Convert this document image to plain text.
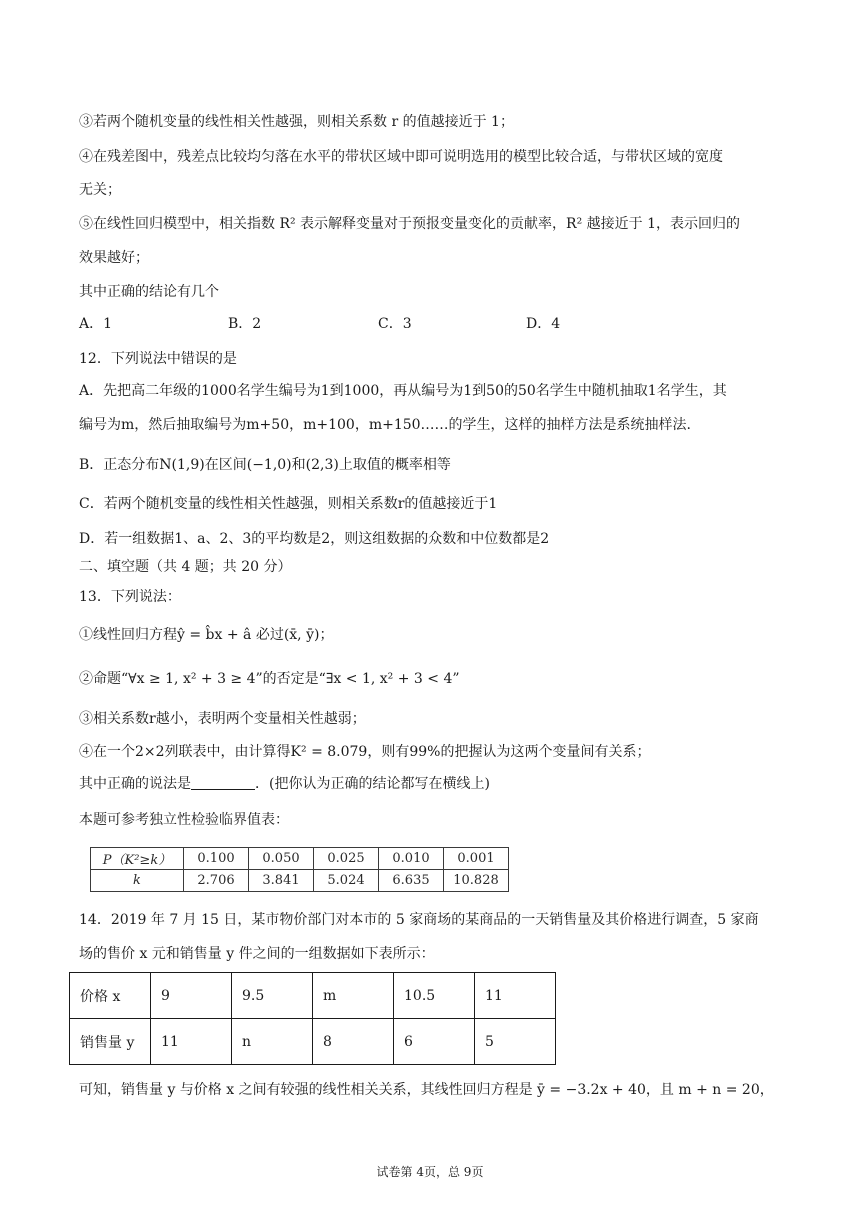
③若两个随机变量的线性相关性越强，则相关系数 r 的值越接近于 1；
④在残差图中，残差点比较均匀落在水平的带状区域中即可说明选用的模型比较合适，与带状区域的宽度
无关；
⑤在线性回归模型中，相关指数 R² 表示解释变量对于预报变量变化的贡献率，R² 越接近于 1，表示回归的
效果越好；
其中正确的结论有几个
A．1	B．2	C．3	D．4
12．下列说法中错误的是
A．先把高二年级的1000名学生编号为1到1000，再从编号为1到50的50名学生中随机抽取1名学生，其
编号为m，然后抽取编号为m+50，m+100，m+150……的学生，这样的抽样方法是系统抽样法.
B．正态分布N(1,9)在区间(−1,0)和(2,3)上取值的概率相等
C．若两个随机变量的线性相关性越强，则相关系数r的值越接近于1
D．若一组数据1、a、2、3的平均数是2，则这组数据的众数和中位数都是2
二、填空题（共 4 题；共 20 分）
13．下列说法：
①线性回归方程ŷ = b̂x + â 必过(x̄, ȳ)；
②命题“∀x ≥ 1, x² + 3 ≥ 4”的否定是“∃x < 1, x² + 3 < 4”
③相关系数r越小，表明两个变量相关性越弱；
④在一个2×2列联表中，由计算得K² = 8.079，则有99%的把握认为这两个变量间有关系；
其中正确的说法是	．(把你认为正确的结论都写在横线上)
本题可参考独立性检验临界值表：
P（K²≥k）	0.100	0.050	0.025	0.010	0.001
k	2.706	3.841	5.024	6.635	10.828
14．2019 年 7 月 15 日，某市物价部门对本市的 5 家商场的某商品的一天销售量及其价格进行调查，5 家商
场的售价 x 元和销售量 y 件之间的一组数据如下表所示：
价格 x	9	9.5	m	10.5	11
销售量 y	11	n	8	6	5
可知，销售量 y 与价格 x 之间有较强的线性相关关系，其线性回归方程是 ȳ = −3.2x + 40，且 m + n = 20，
试卷第 4页，总 9页
